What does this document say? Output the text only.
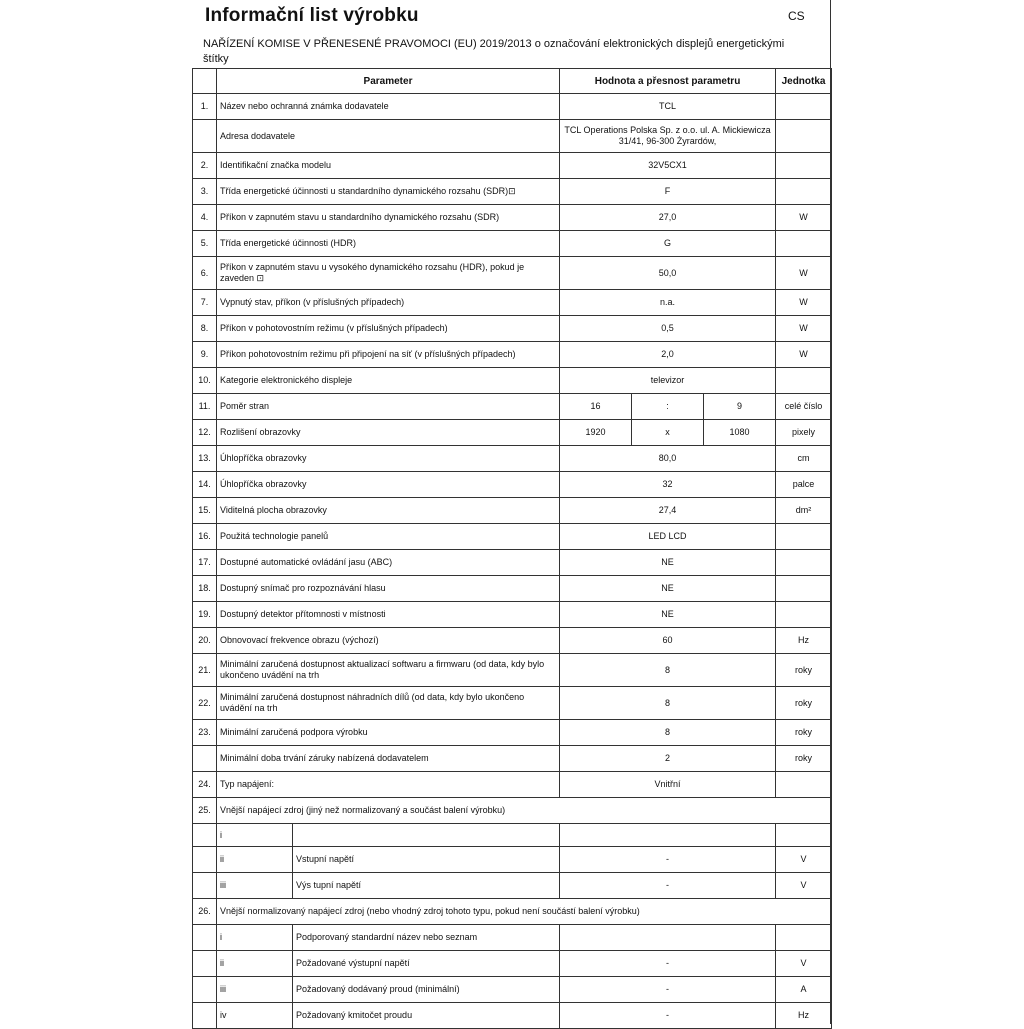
Informační list výrobku	CS
NAŘÍZENÍ KOMISE V PŘENESENÉ PRAVOMOCI (EU) 2019/2013 o označování elektronických displejů energetickými štítky
	Parameter		Hodnota a přesnost parametru			Jednotka
1.	Název nebo ochranná známka dodavatele		TCL			
	Adresa dodavatele		TCL Operations Polska Sp. z o.o. ul. A. Mickiewicza 31/41, 96-300 Żyrardów,			
2.	Identifikační značka modelu		32V5CX1			
3.	Třída energetické účinnosti u standardního dynamického rozsahu (SDR)⊡		F			
4.	Příkon v zapnutém stavu u standardního dynamického rozsahu (SDR)		27,0			W
5.	Třída energetické účinnosti (HDR)		G			
6.	Příkon v zapnutém stavu u vysokého dynamického rozsahu (HDR), pokud je zaveden ⊡		50,0			W
7.	Vypnutý stav, příkon (v příslušných případech)		n.a.			W
8.	Příkon v pohotovostním režimu (v příslušných případech)		0,5			W
9.	Příkon pohotovostním režimu při připojení na síť (v příslušných případech)		2,0			W
10.	Kategorie elektronického displeje		televizor			
11.	Poměr stran		16	:	9	celé číslo
12.	Rozlišení obrazovky		1920	x	1080	pixely
13.	Úhlopříčka obrazovky		80,0			cm
14.	Úhlopříčka obrazovky		32			palce
15.	Viditelná plocha obrazovky		27,4			dm²
16.	Použitá technologie panelů		LED LCD			
17.	Dostupné automatické ovládání jasu (ABC)		NE			
18.	Dostupný snímač pro rozpoznávání hlasu		NE			
19.	Dostupný detektor přítomnosti v místnosti		NE			
20.	Obnovovací frekvence obrazu (výchozí)		60			Hz
21.	Minimální zaručená dostupnost aktualizací softwaru a firmwaru (od data, kdy bylo ukončeno uvádění na trh		8			roky
22.	Minimální zaručená dostupnost náhradních dílů (od data, kdy bylo ukončeno uvádění na trh		8			roky
23.	Minimální zaručená podpora výrobku		8			roky
	Minimální doba trvání záruky nabízená dodavatelem		2			roky
24.	Typ napájení:		Vnitřní			
25.	Vnější napájecí zdroj (jiný než normalizovaný a součást balení výrobku)					
	i					
	ii	Vstupní napětí	-			V
	iii	Výs tupní napětí	-			V
26.	Vnější normalizovaný napájecí zdroj (nebo vhodný zdroj tohoto typu, pokud není součástí balení výrobku)					
	i	Podporovaný standardní název nebo seznam				
	ii	Požadované výstupní napětí	-			V
	iii	Požadovaný dodávaný proud (minimální)	-			A
	iv	Požadovaný kmitočet proudu	-			Hz
